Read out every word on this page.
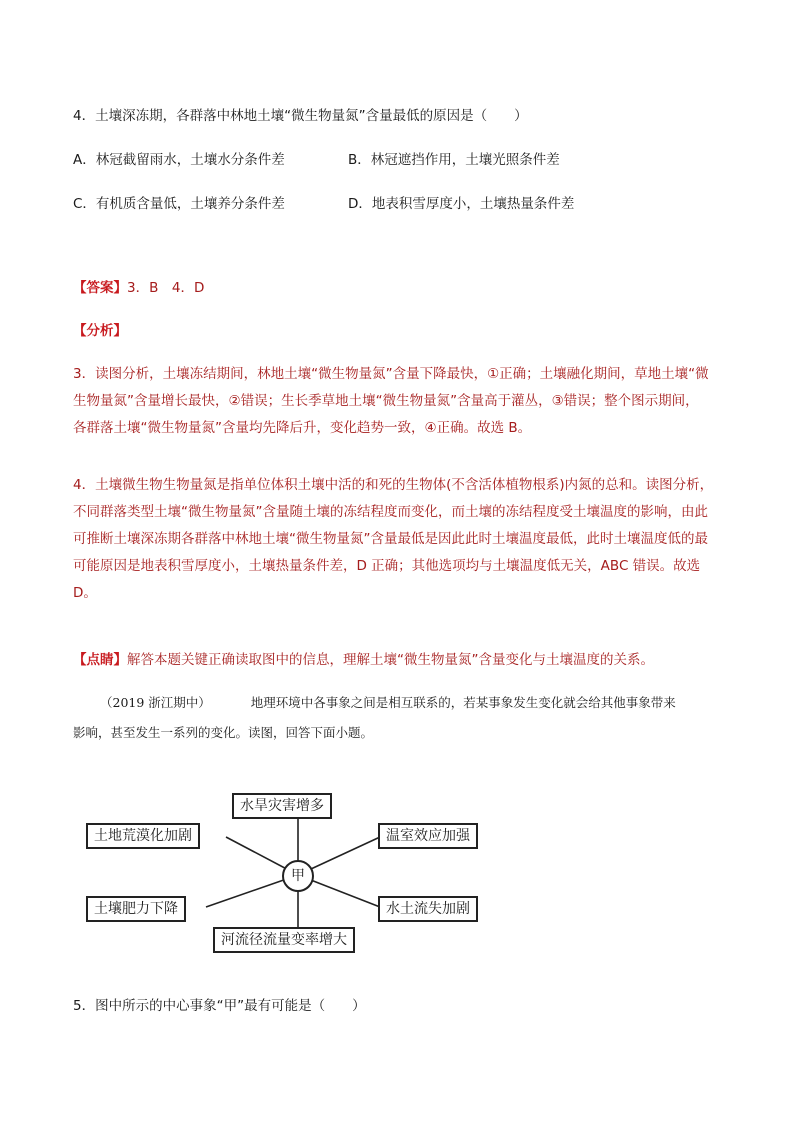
4．土壤深冻期，各群落中林地土壤“微生物量氮”含量最低的原因是（　　）
A．林冠截留雨水，土壤水分条件差	B．林冠遮挡作用，土壤光照条件差
C．有机质含量低，土壤养分条件差	D．地表积雪厚度小，土壤热量条件差
【答案】3．B　4．D
【分析】
3．读图分析，土壤冻结期间，林地土壤“微生物量氮”含量下降最快，①正确；土壤融化期间，草地土壤“微
生物量氮”含量增长最快，②错误；生长季草地土壤“微生物量氮”含量高于灌丛，③错误；整个图示期间，
各群落土壤“微生物量氮”含量均先降后升，变化趋势一致，④正确。故选 B。
4．土壤微生物生物量氮是指单位体积土壤中活的和死的生物体(不含活体植物根系)内氮的总和。读图分析，
不同群落类型土壤“微生物量氮”含量随土壤的冻结程度而变化，而土壤的冻结程度受土壤温度的影响，由此
可推断土壤深冻期各群落中林地土壤“微生物量氮”含量最低是因此此时土壤温度最低，此时土壤温度低的最
可能原因是地表积雪厚度小，土壤热量条件差，D 正确；其他选项均与土壤温度低无关，ABC 错误。故选
D。
【点睛】解答本题关键正确读取图中的信息，理解土壤“微生物量氮”含量变化与土壤温度的关系。
（2019 浙江期中）	地理环境中各事象之间是相互联系的，若某事象发生变化就会给其他事象带来
影响，甚至发生一系列的变化。读图，回答下面小题。
水旱灾害增多
土地荒漠化加剧	温室效应加强
甲
土壤肥力下降	水土流失加剧
河流径流量变率增大
5．图中所示的中心事象“甲”最有可能是（　　）
